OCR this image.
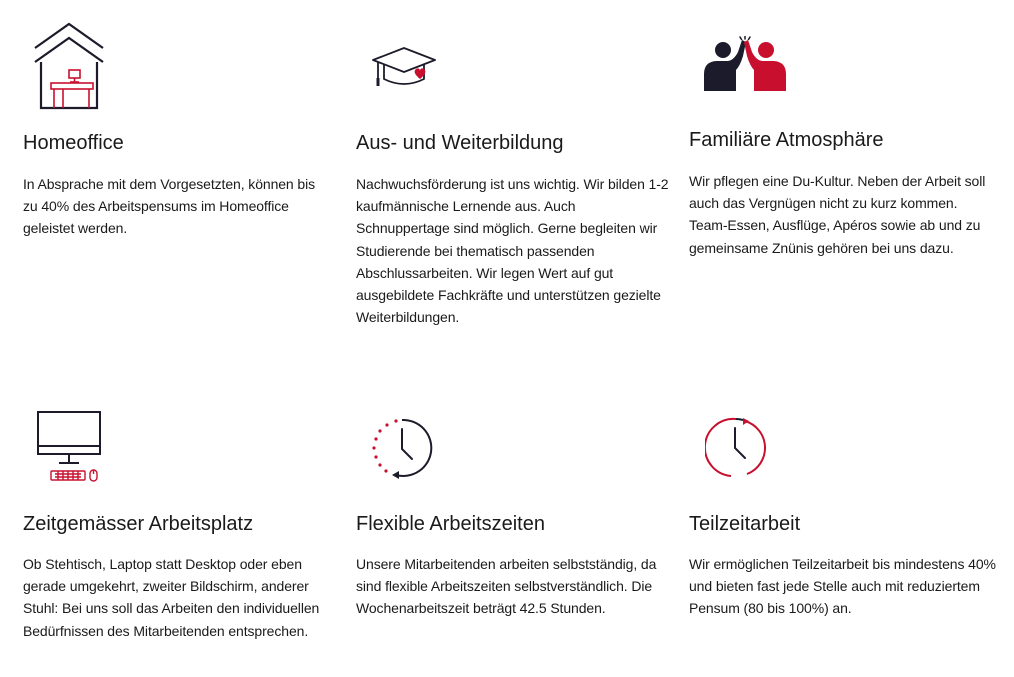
Homeoffice

In Absprache mit dem Vorgesetzten, können bis zu 40% des Arbeitspensums im Homeoffice geleistet werden.

Aus- und Weiterbildung

Nachwuchsförderung ist uns wichtig. Wir bilden 1-2 kaufmännische Lernende aus. Auch Schnuppertage sind möglich. Gerne begleiten wir Studierende bei thematisch passenden Abschlussarbeiten. Wir legen Wert auf gut ausgebildete Fachkräfte und unterstützen gezielte Weiterbildungen.

Familiäre Atmosphäre

Wir pflegen eine Du-Kultur. Neben der Arbeit soll auch das Vergnügen nicht zu kurz kommen. Team-Essen, Ausflüge, Apéros sowie ab und zu gemeinsame Znünis gehören bei uns dazu.

Zeitgemässer Arbeitsplatz

Ob Stehtisch, Laptop statt Desktop oder eben gerade umgekehrt, zweiter Bildschirm, anderer Stuhl: Bei uns soll das Arbeiten den individuellen Bedürfnissen des Mitarbeitenden entsprechen.

Flexible Arbeitszeiten

Unsere Mitarbeitenden arbeiten selbstständig, da sind flexible Arbeitszeiten selbstverständlich. Die Wochenarbeitszeit beträgt 42.5 Stunden.

Teilzeitarbeit

Wir ermöglichen Teilzeitarbeit bis mindestens 40% und bieten fast jede Stelle auch mit reduziertem Pensum (80 bis 100%) an.
